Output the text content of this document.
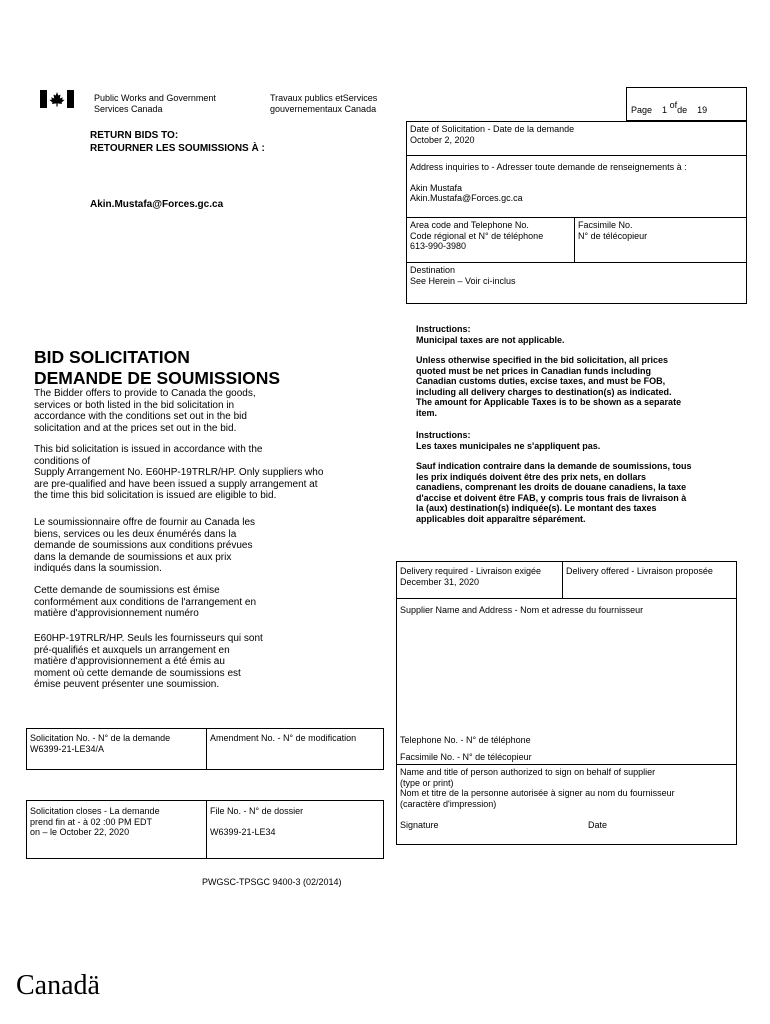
Public Works and Government
Services Canada
Travaux publics etServices
gouvernementaux Canada	Page 1 ofde 19
RETURN BIDS TO:
RETOURNER LES SOUMISSIONS À :
Akin.Mustafa@Forces.gc.ca
Date of Solicitation - Date de la demande
October 2, 2020
Address inquiries to - Adresser toute demande de renseignements à :
Akin Mustafa
Akin.Mustafa@Forces.gc.ca
Area code and Telephone No.
Code régional et N° de téléphone
613-990-3980
Facsimile No.
N° de télécopieur
Destination
See Herein – Voir ci-inclus
BID SOLICITATION
DEMANDE DE SOUMISSIONS
The Bidder offers to provide to Canada the goods,
services or both listed in the bid solicitation in
accordance with the conditions set out in the bid
solicitation and at the prices set out in the bid.
This bid solicitation is issued in accordance with the
conditions of
Supply Arrangement No. E60HP-19TRLR/HP. Only suppliers who
are pre-qualified and have been issued a supply arrangement at
the time this bid solicitation is issued are eligible to bid.
Le soumissionnaire offre de fournir au Canada les
biens, services ou les deux énumérés dans la
demande de soumissions aux conditions prévues
dans la demande de soumissions et aux prix
indiqués dans la soumission.
Cette demande de soumissions est émise
conformément aux conditions de l'arrangement en
matière d'approvisionnement numéro
E60HP-19TRLR/HP. Seuls les fournisseurs qui sont
pré-qualifiés et auxquels un arrangement en
matière d'approvisionnement a été émis au
moment où cette demande de soumissions est
émise peuvent présenter une soumission.
Instructions:
Municipal taxes are not applicable.
Unless otherwise specified in the bid solicitation, all prices
quoted must be net prices in Canadian funds including
Canadian customs duties, excise taxes, and must be FOB,
including all delivery charges to destination(s) as indicated.
The amount for Applicable Taxes is to be shown as a separate
item.
Instructions:
Les taxes municipales ne s'appliquent pas.
Sauf indication contraire dans la demande de soumissions, tous
les prix indiqués doivent être des prix nets, en dollars
canadiens, comprenant les droits de douane canadiens, la taxe
d'accise et doivent être FAB, y compris tous frais de livraison à
la (aux) destination(s) indiquée(s). Le montant des taxes
applicables doit apparaître séparément.
Delivery required - Livraison exigée
December 31, 2020
Delivery offered - Livraison proposée
Supplier Name and Address - Nom et adresse du fournisseur
Telephone No. - N° de téléphone
Facsimile No. - N° de télécopieur
Name and title of person authorized to sign on behalf of supplier
(type or print)
Nom et titre de la personne autorisée à signer au nom du fournisseur
(caractère d'impression)
Signature	Date
Solicitation No. - N° de la demande
W6399-21-LE34/A
Amendment No. - N° de modification
Solicitation closes - La demande
prend fin at - à 02 :00 PM EDT
on – le October 22, 2020
File No. - N° de dossier
W6399-21-LE34
PWGSC-TPSGC 9400-3 (02/2014)
Canadä
